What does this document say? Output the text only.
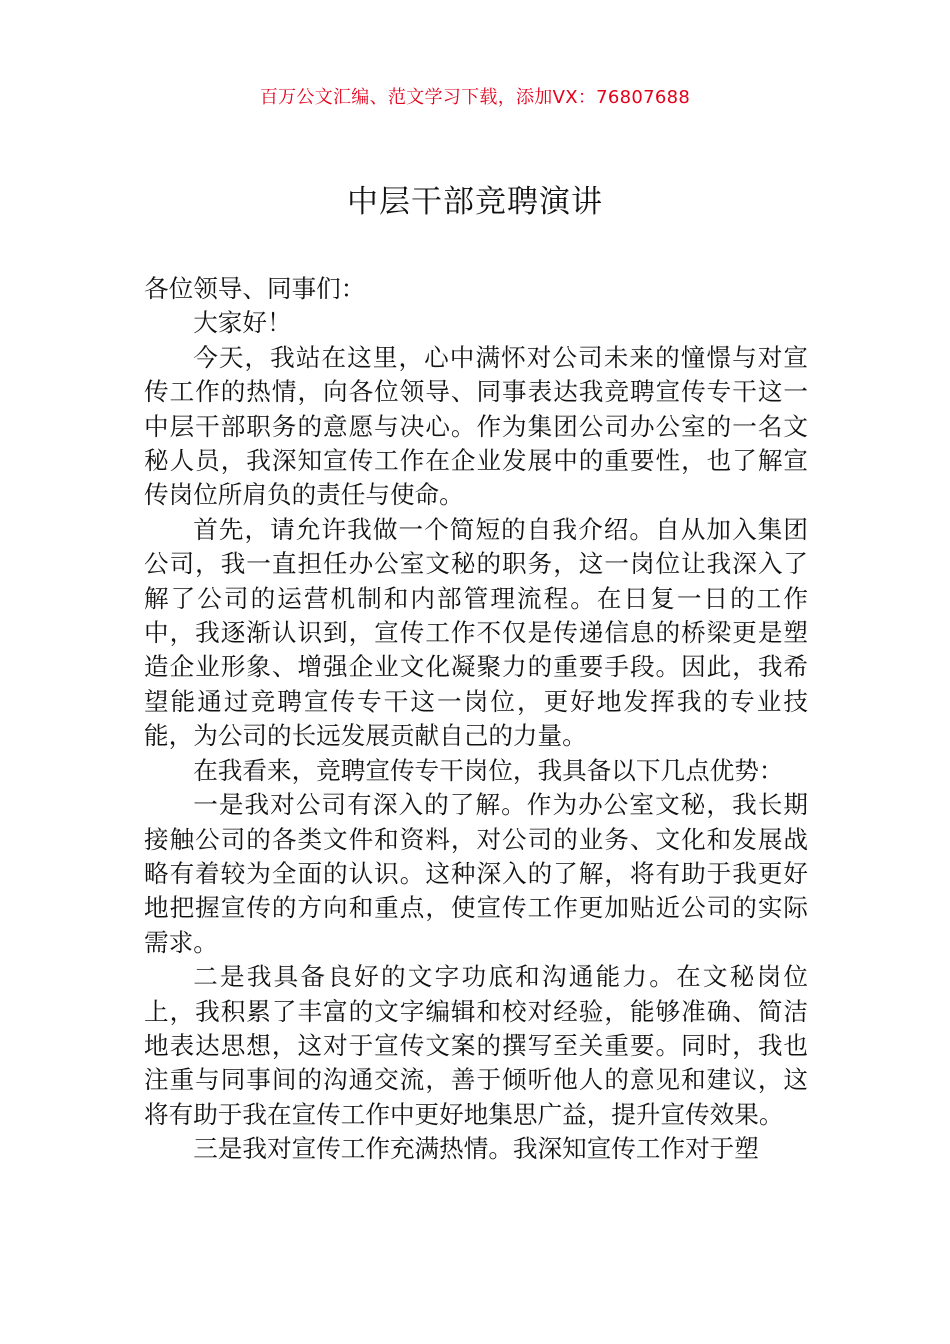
百万公文汇编、范文学习下载，添加VX：76807688
中层干部竞聘演讲

各位领导、同事们：

大家好！

今天，我站在这里，心中满怀对公司未来的憧憬与对宣传工作的热情，向各位领导、同事表达我竞聘宣传专干这一中层干部职务的意愿与决心。作为集团公司办公室的一名文秘人员，我深知宣传工作在企业发展中的重要性，也了解宣传岗位所肩负的责任与使命。

首先，请允许我做一个简短的自我介绍。自从加入集团公司，我一直担任办公室文秘的职务，这一岗位让我深入了解了公司的运营机制和内部管理流程。在日复一日的工作中，我逐渐认识到，宣传工作不仅是传递信息的桥梁更是塑造企业形象、增强企业文化凝聚力的重要手段。因此，我希望能通过竞聘宣传专干这一岗位，更好地发挥我的专业技能，为公司的长远发展贡献自己的力量。

在我看来，竞聘宣传专干岗位，我具备以下几点优势：

一是我对公司有深入的了解。作为办公室文秘，我长期接触公司的各类文件和资料，对公司的业务、文化和发展战略有着较为全面的认识。这种深入的了解，将有助于我更好地把握宣传的方向和重点，使宣传工作更加贴近公司的实际需求。

二是我具备良好的文字功底和沟通能力。在文秘岗位上，我积累了丰富的文字编辑和校对经验，能够准确、简洁地表达思想，这对于宣传文案的撰写至关重要。同时，我也注重与同事间的沟通交流，善于倾听他人的意见和建议，这将有助于我在宣传工作中更好地集思广益，提升宣传效果。

三是我对宣传工作充满热情。我深知宣传工作对于塑
